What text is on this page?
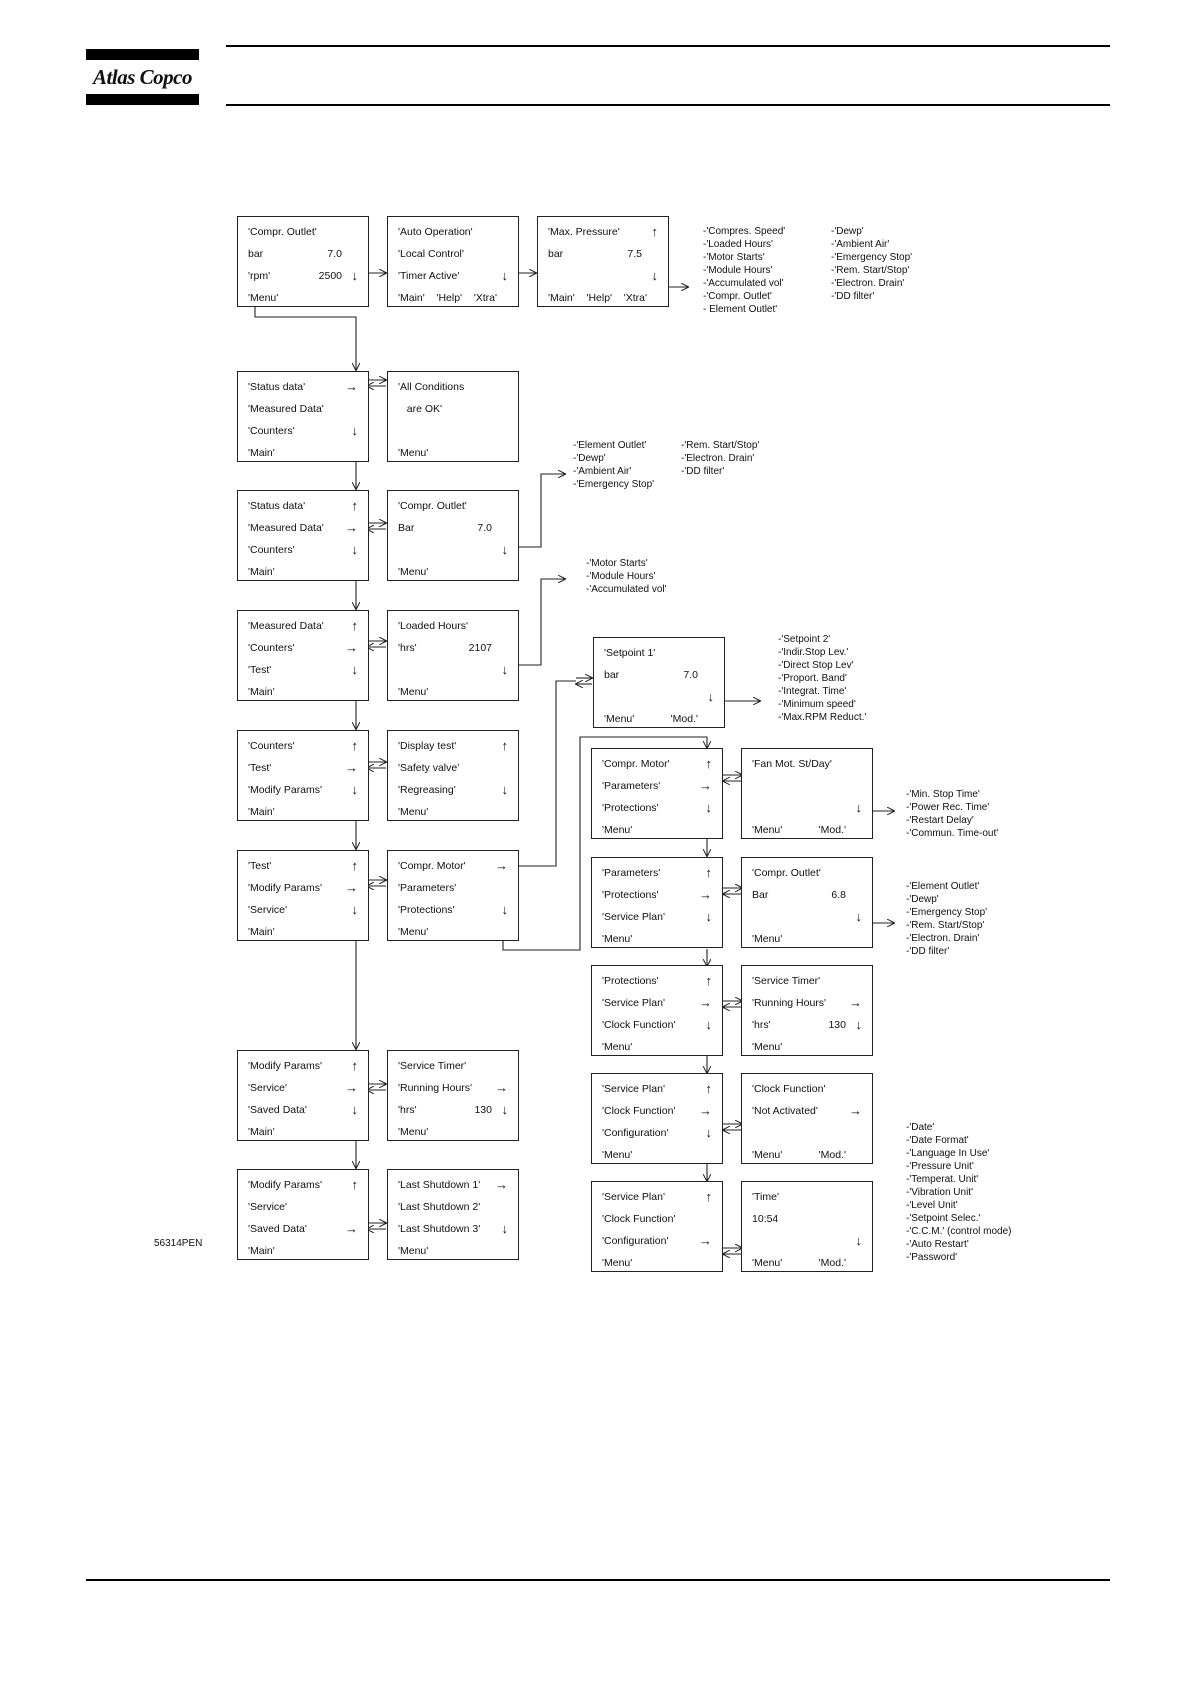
Atlas Copco
'Compr. Outlet'
bar	7.0
'rpm'	2500 ↓
'Menu'
'Auto Operation'
'Local Control'
'Timer Active'	↓
'Main'    'Help'    'Xtra'
'Max. Pressure' ↑
bar	7.5
↓
'Main'    'Help'    'Xtra'
'Status data'	→
'Measured Data'
'Counters'	↓
'Main'
'All Conditions
are OK'
'Menu'
'Status data'	↑
'Measured Data' →
'Counters'	↓
'Main'
'Compr. Outlet'
Bar	7.0
↓
'Menu'
'Measured Data' ↑
'Counters'	→
'Test'	↓
'Main'
'Loaded Hours'
'hrs'	2107
↓
'Menu'
'Counters'	↑
'Test'	→
'Modify Params' ↓
'Main'
'Display test'	↑
'Safety valve'
'Regreasing'	↓
'Menu'
'Test'	↑
'Modify Params' →
'Service'	↓
'Main'
'Compr. Motor' →
'Parameters'
'Protections'	↓
'Menu'
'Modify Params' ↑
'Service'	→
'Saved Data'	↓
'Main'
'Service Timer'
'Running Hours' →
'hrs'	130 ↓
'Menu'
'Modify Params' ↑
'Service'
'Saved Data'	→
'Main'
'Last Shutdown 1' →
'Last Shutdown 2'
'Last Shutdown 3' ↓
'Menu'
'Setpoint 1'
bar	7.0
↓
'Menu'	'Mod.'
'Compr. Motor'	↑
'Parameters'	→
'Protections'	↓
'Menu'
'Fan Mot. St/Day'
↓
'Menu'	'Mod.'
'Parameters'	↑
'Protections'	→
'Service Plan'	↓
'Menu'
'Compr. Outlet'
Bar	6.8
↓
'Menu'
'Protections'	↑
'Service Plan'	→
'Clock Function' ↓
'Menu'
'Service Timer'
'Running Hours' →
'hrs'	130 ↓
'Menu'
'Service Plan'	↑
'Clock Function' →
'Configuration'	↓
'Menu'
'Clock Function'
'Not Activated' →
'Menu'	'Mod.'
'Service Plan'	↑
'Clock Function'
'Configuration' →
'Menu'
'Time'
10:54
↓
'Menu'	'Mod.'
-'Compres. Speed'
-'Loaded Hours'
-'Motor Starts'
-'Module Hours'
-'Accumulated vol'
-'Compr. Outlet'
- Element Outlet'
-'Dewp'
-'Ambient Air'
-'Emergency Stop'
-'Rem. Start/Stop'
-'Electron. Drain'
-'DD filter'
-'Element Outlet'
-'Dewp'
-'Ambient Air'
-'Emergency Stop'
-'Rem. Start/Stop'
-'Electron. Drain'
-'DD filter'
-'Motor Starts'
-'Module Hours'
-'Accumulated vol'
-'Setpoint 2'
-'Indir.Stop Lev.'
-'Direct Stop Lev'
-'Proport. Band'
-'Integrat. Time'
-'Minimum speed'
-'Max.RPM Reduct.'
-'Min. Stop Time'
-'Power Rec. Time'
-'Restart Delay'
-'Commun. Time-out'
-'Element Outlet'
-'Dewp'
-'Emergency Stop'
-'Rem. Start/Stop'
-'Electron. Drain'
-'DD filter'
-'Date'
-'Date Format'
-'Language In Use'
-'Pressure Unit'
-'Temperat. Unit'
-'Vibration Unit'
-'Level Unit'
-'Setpoint Selec.'
-'C.C.M.' (control mode)
-'Auto Restart'
-'Password'
56314PEN
